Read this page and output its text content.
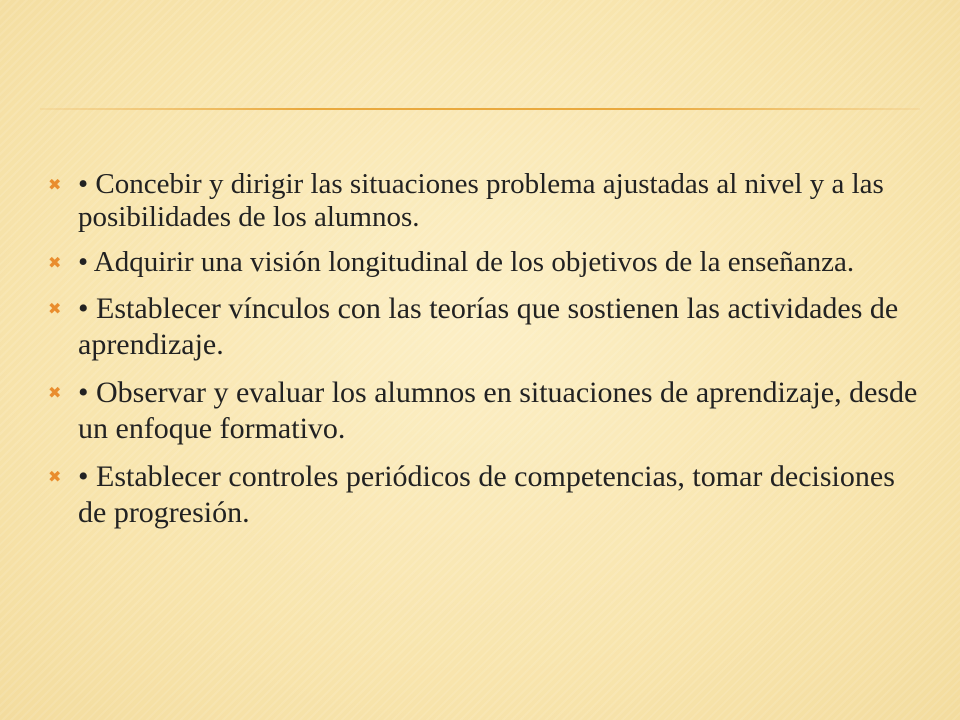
✖ • Concebir y dirigir las situaciones problema ajustadas al nivel y a las posibilidades de los alumnos.
✖ • Adquirir una visión longitudinal de los objetivos de la enseñanza.
✖ • Establecer vínculos con las teorías que sostienen las actividades de aprendizaje.
✖ • Observar y evaluar los alumnos en situaciones de aprendizaje, desde un enfoque formativo.
✖ • Establecer controles periódicos de competencias, tomar decisiones de progresión.
